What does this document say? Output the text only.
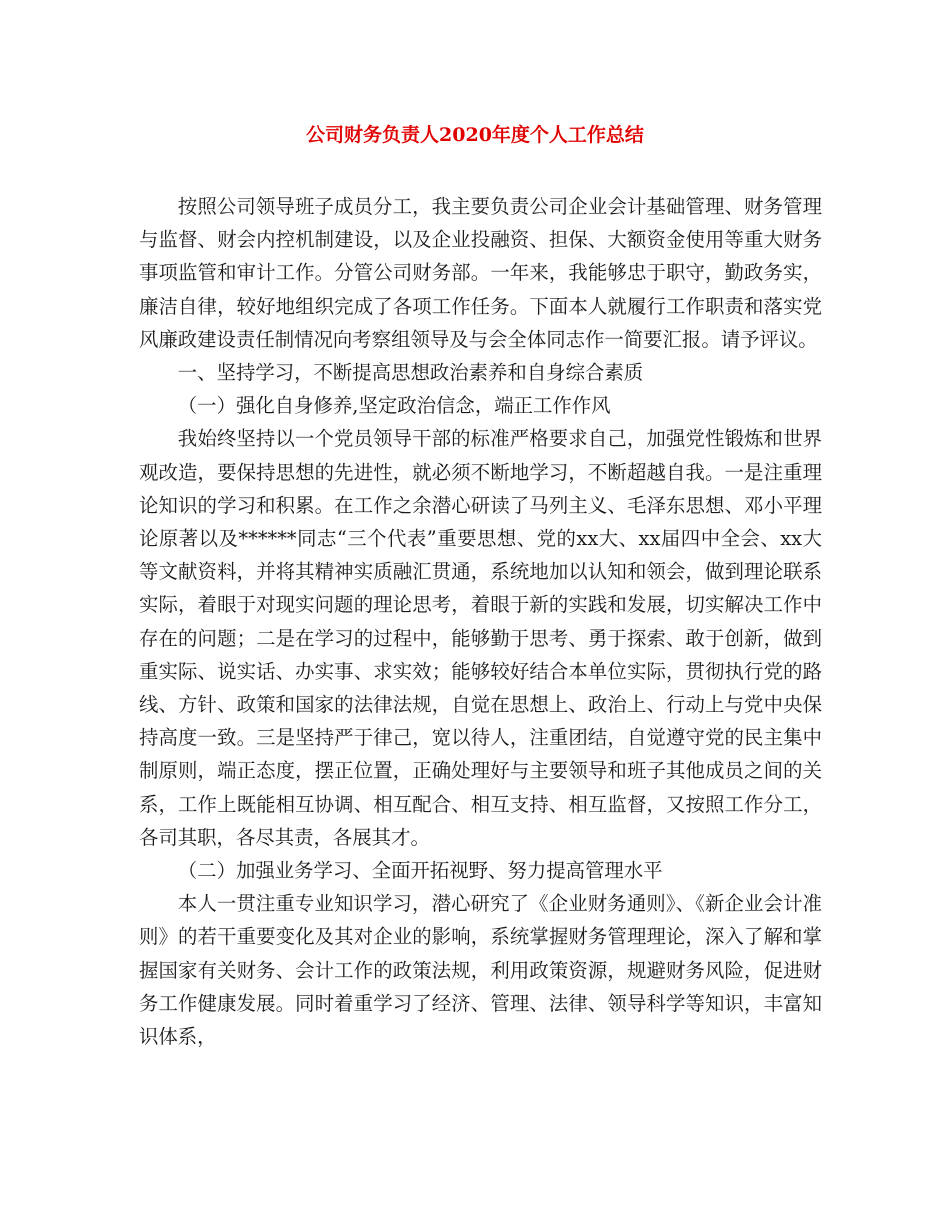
公司财务负责人2020年度个人工作总结

按照公司领导班子成员分工，我主要负责公司企业会计基础管理、财务管理与监督、财会内控机制建设，以及企业投融资、担保、大额资金使用等重大财务事项监管和审计工作。分管公司财务部。一年来，我能够忠于职守，勤政务实，廉洁自律，较好地组织完成了各项工作任务。下面本人就履行工作职责和落实党风廉政建设责任制情况向考察组领导及与会全体同志作一简要汇报。请予评议。

一、坚持学习，不断提高思想政治素养和自身综合素质

（一）强化自身修养,坚定政治信念，端正工作作风

我始终坚持以一个党员领导干部的标准严格要求自己，加强党性锻炼和世界观改造，要保持思想的先进性，就必须不断地学习，不断超越自我。一是注重理论知识的学习和积累。在工作之余潜心研读了马列主义、毛泽东思想、邓小平理论原著以及******同志“三个代表”重要思想、党的xx大、xx届四中全会、xx大等文献资料，并将其精神实质融汇贯通，系统地加以认知和领会，做到理论联系实际，着眼于对现实问题的理论思考，着眼于新的实践和发展，切实解决工作中存在的问题；二是在学习的过程中，能够勤于思考、勇于探索、敢于创新，做到重实际、说实话、办实事、求实效；能够较好结合本单位实际，贯彻执行党的路线、方针、政策和国家的法律法规，自觉在思想上、政治上、行动上与党中央保持高度一致。三是坚持严于律己，宽以待人，注重团结，自觉遵守党的民主集中制原则，端正态度，摆正位置，正确处理好与主要领导和班子其他成员之间的关系，工作上既能相互协调、相互配合、相互支持、相互监督，又按照工作分工，各司其职，各尽其责，各展其才。

（二）加强业务学习、全面开拓视野、努力提高管理水平

本人一贯注重专业知识学习，潜心研究了《企业财务通则》、《新企业会计准则》的若干重要变化及其对企业的影响，系统掌握财务管理理论，深入了解和掌握国家有关财务、会计工作的政策法规，利用政策资源，规避财务风险，促进财务工作健康发展。同时着重学习了经济、管理、法律、领导科学等知识，丰富知识体系，
